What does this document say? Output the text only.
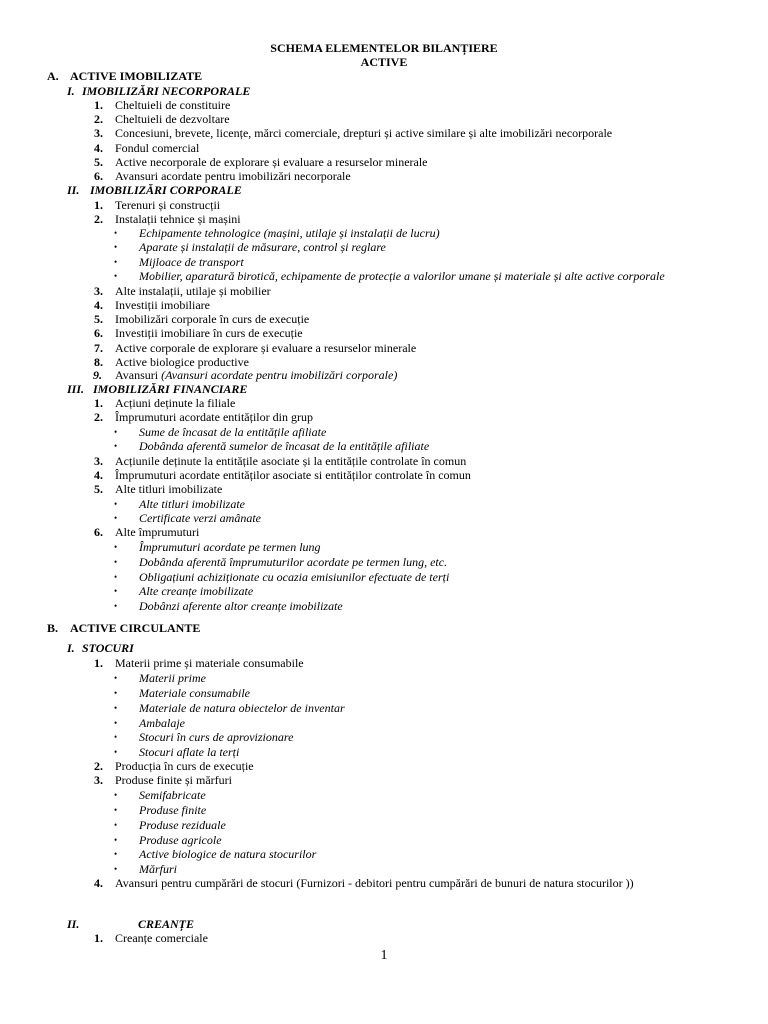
SCHEMA ELEMENTELOR BILANȚIERE
ACTIVE
A. ACTIVE IMOBILIZATE
I. IMOBILIZĂRI NECORPORALE
1. Cheltuieli de constituire
2. Cheltuieli de dezvoltare
3. Concesiuni, brevete, licențe, mărci comerciale, drepturi și active similare și alte imobilizări necorporale
4. Fondul comercial
5. Active necorporale de explorare și evaluare a resurselor minerale
6. Avansuri acordate pentru imobilizări necorporale
II. IMOBILIZĂRI CORPORALE
1. Terenuri și construcții
2. Instalații tehnice și mașini
• Echipamente tehnologice (mașini, utilaje și instalații de lucru)
• Aparate și instalații de măsurare, control și reglare
• Mijloace de transport
• Mobilier, aparatură birotică, echipamente de protecție a valorilor umane și materiale și alte active corporale
3. Alte instalații, utilaje și mobilier
4. Investiții imobiliare
5. Imobilizări corporale în curs de execuție
6. Investiții imobiliare în curs de execuție
7. Active corporale de explorare și evaluare a resurselor minerale
8. Active biologice productive
9. Avansuri (Avansuri acordate pentru imobilizări corporale)
III. IMOBILIZĂRI FINANCIARE
1. Acțiuni deținute la filiale
2. Împrumuturi acordate entităților din grup
• Sume de încasat de la entitățile afiliate
• Dobânda aferentă sumelor de încasat de la entitățile afiliate
3. Acțiunile deținute la entitățile asociate și la entitățile controlate în comun
4. Împrumuturi acordate entităților asociate si entităților controlate în comun
5. Alte titluri imobilizate
• Alte titluri imobilizate
• Certificate verzi amânate
6. Alte împrumuturi
• Împrumuturi acordate pe termen lung
• Dobânda aferentă împrumuturilor acordate pe termen lung, etc.
• Obligațiuni achiziționate cu ocazia emisiunilor efectuate de terți
• Alte creanțe imobilizate
• Dobânzi aferente altor creanțe imobilizate
B. ACTIVE CIRCULANTE
I. STOCURI
1. Materii prime și materiale consumabile
• Materii prime
• Materiale consumabile
• Materiale de natura obiectelor de inventar
• Ambalaje
• Stocuri în curs de aprovizionare
• Stocuri aflate la terți
2. Producția în curs de execuție
3. Produse finite și mărfuri
• Semifabricate
• Produse finite
• Produse reziduale
• Produse agricole
• Active biologice de natura stocurilor
• Mărfuri
4. Avansuri pentru cumpărări de stocuri (Furnizori - debitori pentru cumpărări de bunuri de natura stocurilor ))
II.	CREANȚE
1. Creanțe comerciale
1
